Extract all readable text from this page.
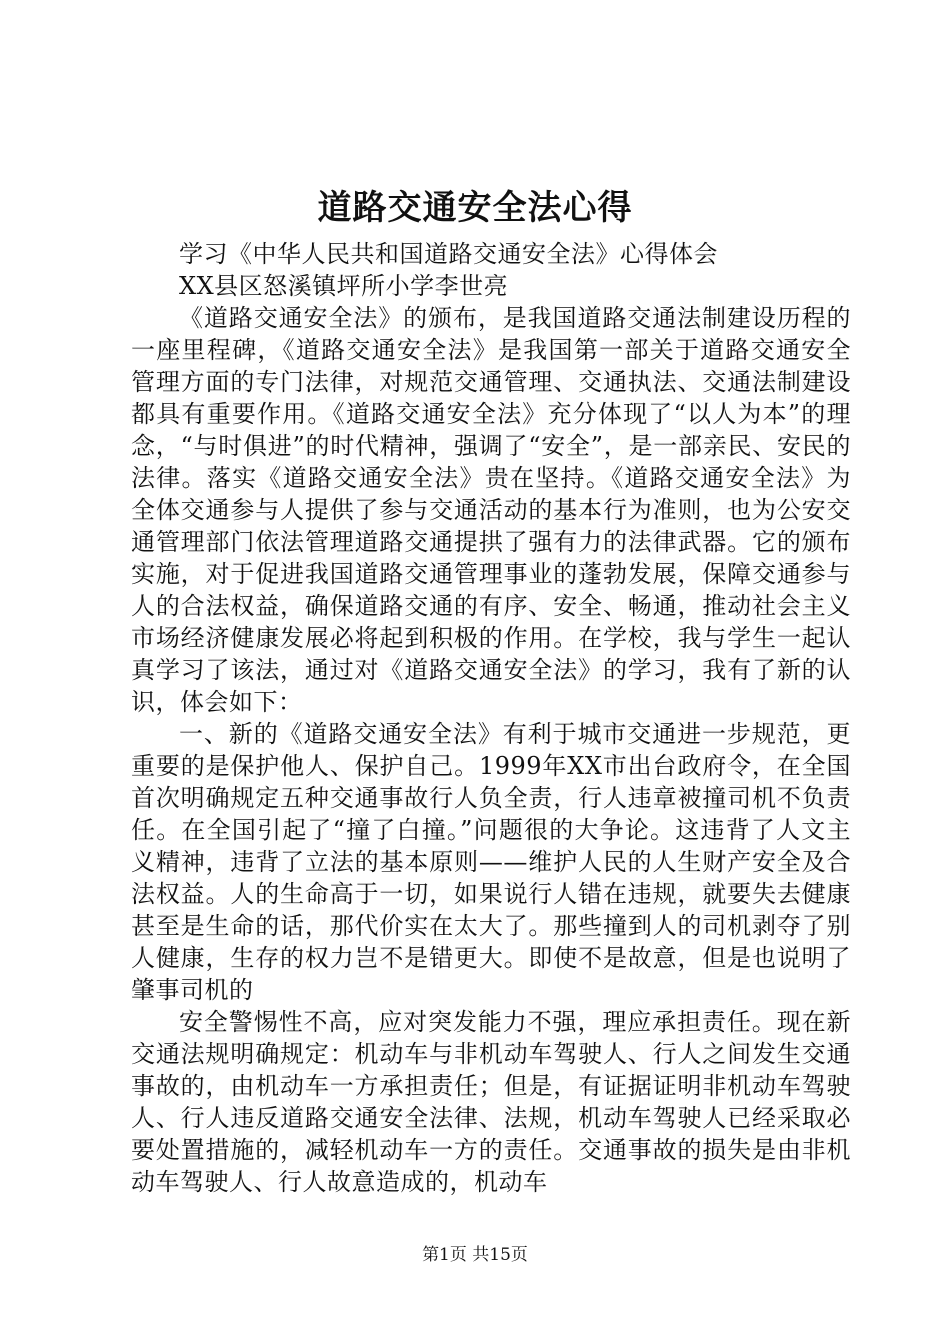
道路交通安全法心得

学习《中华人民共和国道路交通安全法》心得体会

XX县区怒溪镇坪所小学李世亮

《道路交通安全法》的颁布，是我国道路交通法制建设历程的一座里程碑，《道路交通安全法》是我国第一部关于道路交通安全管理方面的专门法律，对规范交通管理、交通执法、交通法制建设都具有重要作用。《道路交通安全法》充分体现了“以人为本”的理念，“与时俱进”的时代精神，强调了“安全”，是一部亲民、安民的法律。落实《道路交通安全法》贵在坚持。《道路交通安全法》为全体交通参与人提供了参与交通活动的基本行为准则，也为公安交通管理部门依法管理道路交通提拱了强有力的法律武器。它的颁布实施，对于促进我国道路交通管理事业的蓬勃发展，保障交通参与人的合法权益，确保道路交通的有序、安全、畅通，推动社会主义市场经济健康发展必将起到积极的作用。在学校，我与学生一起认真学习了该法，通过对《道路交通安全法》的学习，我有了新的认识，体会如下：

一、新的《道路交通安全法》有利于城市交通进一步规范，更重要的是保护他人、保护自己。1999年XX市出台政府令，在全国首次明确规定五种交通事故行人负全责，行人违章被撞司机不负责任。在全国引起了“撞了白撞。”问题很的大争论。这违背了人文主义精神，违背了立法的基本原则——维护人民的人生财产安全及合法权益。人的生命高于一切，如果说行人错在违规，就要失去健康甚至是生命的话，那代价实在太大了。那些撞到人的司机剥夺了别人健康，生存的权力岂不是错更大。即使不是故意，但是也说明了肇事司机的

安全警惕性不高，应对突发能力不强，理应承担责任。现在新交通法规明确规定：机动车与非机动车驾驶人、行人之间发生交通事故的，由机动车一方承担责任；但是，有证据证明非机动车驾驶人、行人违反道路交通安全法律、法规，机动车驾驶人已经采取必要处置措施的，减轻机动车一方的责任。交通事故的损失是由非机动车驾驶人、行人故意造成的，机动车

第1页 共15页
